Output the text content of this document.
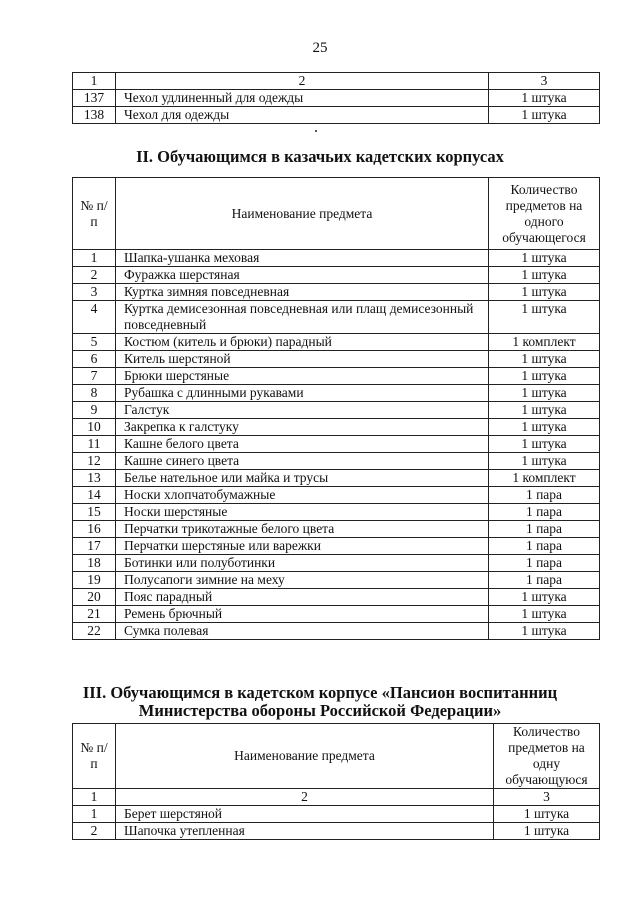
25
1	2	3
137	Чехол удлиненный для одежды	1 штука
138	Чехол для одежды	1 штука
II. Обучающимся в казачьих кадетских корпусах
№ п/п	Наименование предмета	Количество предметов на одного обучающегося
1	Шапка-ушанка меховая	1 штука
2	Фуражка шерстяная	1 штука
3	Куртка зимняя повседневная	1 штука
4	Куртка демисезонная повседневная или плащ демисезонный повседневный	1 штука
5	Костюм (китель и брюки) парадный	1 комплект
6	Китель шерстяной	1 штука
7	Брюки шерстяные	1 штука
8	Рубашка с длинными рукавами	1 штука
9	Галстук	1 штука
10	Закрепка к галстуку	1 штука
11	Кашне белого цвета	1 штука
12	Кашне синего цвета	1 штука
13	Белье нательное или майка и трусы	1 комплект
14	Носки хлопчатобумажные	1 пара
15	Носки шерстяные	1 пара
16	Перчатки трикотажные белого цвета	1 пара
17	Перчатки шерстяные или варежки	1 пара
18	Ботинки или полуботинки	1 пара
19	Полусапоги зимние на меху	1 пара
20	Пояс парадный	1 штука
21	Ремень брючный	1 штука
22	Сумка полевая	1 штука
III. Обучающимся в кадетском корпусе «Пансион воспитанниц
Министерства обороны Российской Федерации»
№ п/п	Наименование предмета	Количество предметов на одну обучающуюся
1	2	3
1	Берет шерстяной	1 штука
2	Шапочка утепленная	1 штука
